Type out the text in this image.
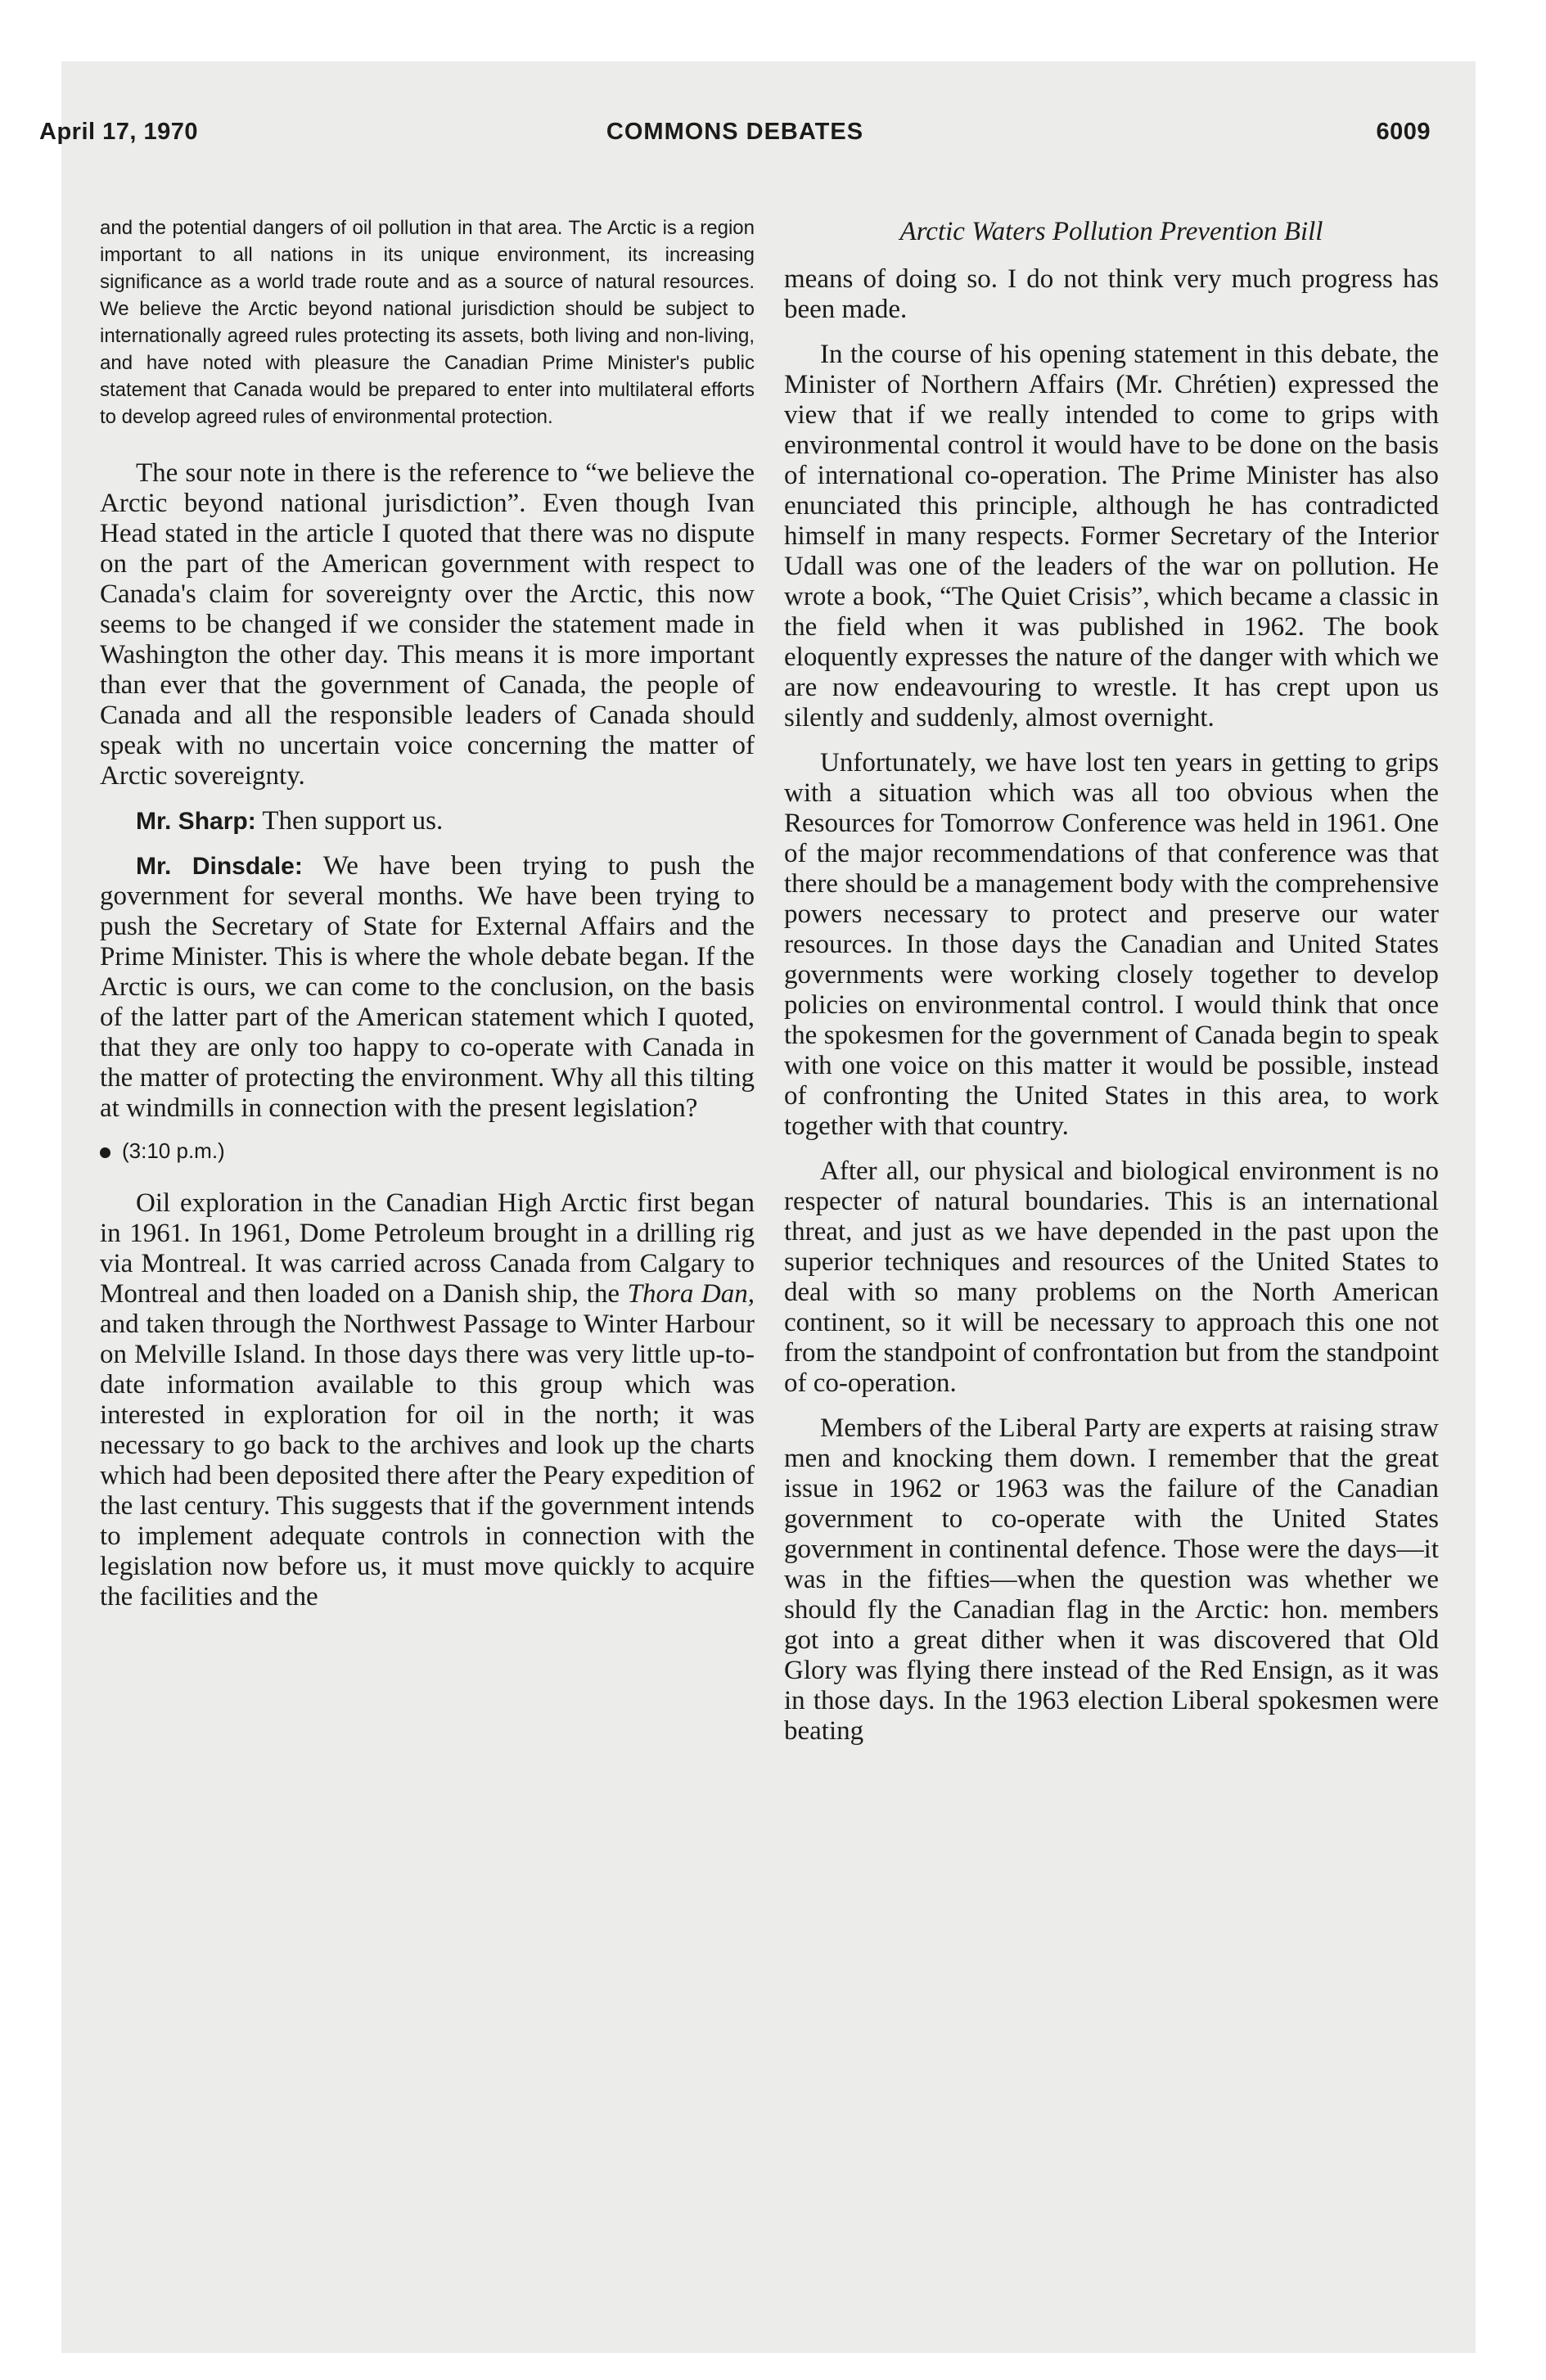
April 17, 1970	COMMONS DEBATES	6009
Arctic Waters Pollution Prevention Bill
and the potential dangers of oil pollution in that area. The Arctic is a region important to all nations in its unique environment, its increasing significance as a world trade route and as a source of natural resources. We believe the Arctic beyond national jurisdiction should be subject to internationally agreed rules protecting its assets, both living and non-living, and have noted with pleasure the Canadian Prime Minister's public statement that Canada would be prepared to enter into multilateral efforts to develop agreed rules of environmental protection.

The sour note in there is the reference to “we believe the Arctic beyond national jurisdiction”. Even though Ivan Head stated in the article I quoted that there was no dispute on the part of the American government with respect to Canada's claim for sovereignty over the Arctic, this now seems to be changed if we consider the statement made in Washington the other day. This means it is more important than ever that the government of Canada, the people of Canada and all the responsible leaders of Canada should speak with no uncertain voice concerning the matter of Arctic sovereignty.

Mr. Sharp: Then support us.

Mr. Dinsdale: We have been trying to push the government for several months. We have been trying to push the Secretary of State for External Affairs and the Prime Minister. This is where the whole debate began. If the Arctic is ours, we can come to the conclusion, on the basis of the latter part of the American statement which I quoted, that they are only too happy to co-operate with Canada in the matter of protecting the environment. Why all this tilting at windmills in connection with the present legislation?

(3:10 p.m.)

Oil exploration in the Canadian High Arctic first began in 1961. In 1961, Dome Petroleum brought in a drilling rig via Montreal. It was carried across Canada from Calgary to Montreal and then loaded on a Danish ship, the Thora Dan, and taken through the Northwest Passage to Winter Harbour on Melville Island. In those days there was very little up-to-date information available to this group which was interested in exploration for oil in the north; it was necessary to go back to the archives and look up the charts which had been deposited there after the Peary expedition of the last century. This suggests that if the government intends to implement adequate controls in connection with the legislation now before us, it must move quickly to acquire the facilities and the

means of doing so. I do not think very much progress has been made.

In the course of his opening statement in this debate, the Minister of Northern Affairs (Mr. Chrétien) expressed the view that if we really intended to come to grips with environmental control it would have to be done on the basis of international co-operation. The Prime Minister has also enunciated this principle, although he has contradicted himself in many respects. Former Secretary of the Interior Udall was one of the leaders of the war on pollution. He wrote a book, “The Quiet Crisis”, which became a classic in the field when it was published in 1962. The book eloquently expresses the nature of the danger with which we are now endeavouring to wrestle. It has crept upon us silently and suddenly, almost overnight.

Unfortunately, we have lost ten years in getting to grips with a situation which was all too obvious when the Resources for Tomorrow Conference was held in 1961. One of the major recommendations of that conference was that there should be a management body with the comprehensive powers necessary to protect and preserve our water resources. In those days the Canadian and United States governments were working closely together to develop policies on environmental control. I would think that once the spokesmen for the government of Canada begin to speak with one voice on this matter it would be possible, instead of confronting the United States in this area, to work together with that country.

After all, our physical and biological environment is no respecter of natural boundaries. This is an international threat, and just as we have depended in the past upon the superior techniques and resources of the United States to deal with so many problems on the North American continent, so it will be necessary to approach this one not from the standpoint of confrontation but from the standpoint of co-operation.

Members of the Liberal Party are experts at raising straw men and knocking them down. I remember that the great issue in 1962 or 1963 was the failure of the Canadian government to co-operate with the United States government in continental defence. Those were the days—it was in the fifties—when the question was whether we should fly the Canadian flag in the Arctic: hon. members got into a great dither when it was discovered that Old Glory was flying there instead of the Red Ensign, as it was in those days. In the 1963 election Liberal spokesmen were beating
